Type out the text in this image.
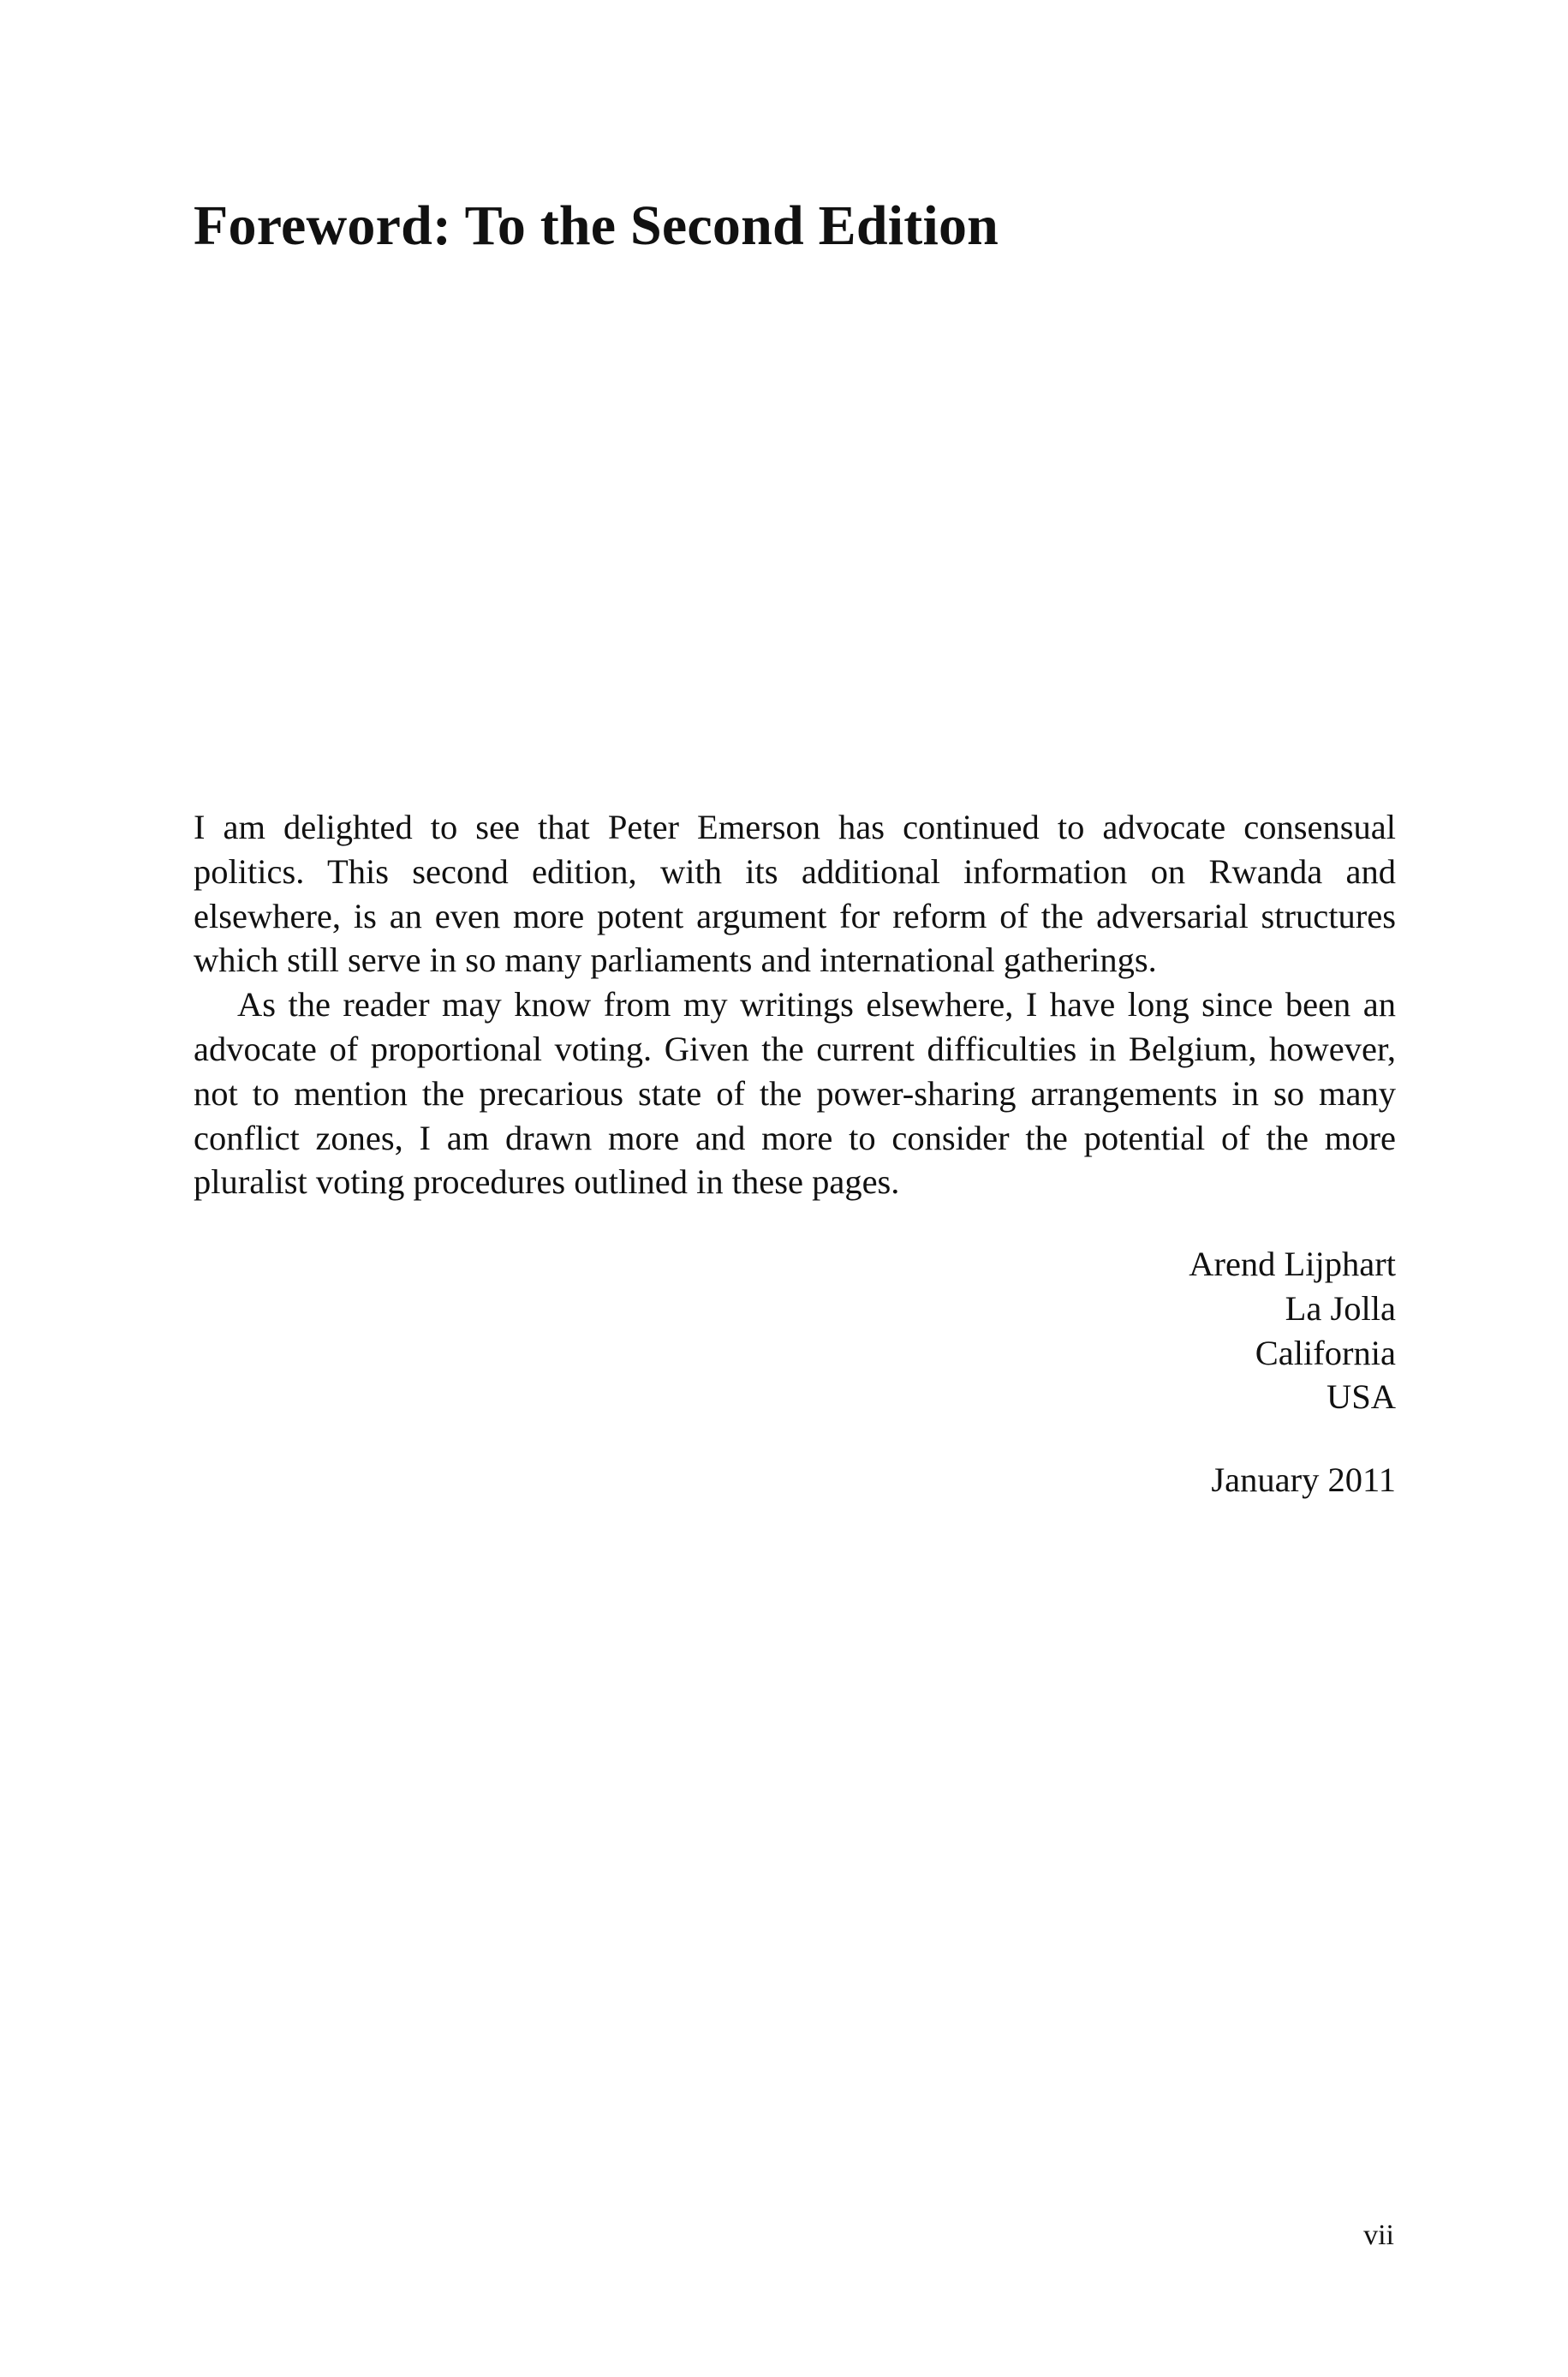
Foreword: To the Second Edition

I am delighted to see that Peter Emerson has continued to advocate consensual politics. This second edition, with its additional information on Rwanda and elsewhere, is an even more potent argument for reform of the adversarial structures which still serve in so many parliaments and international gatherings.

As the reader may know from my writings elsewhere, I have long since been an advocate of proportional voting. Given the current difficulties in Belgium, however, not to mention the precarious state of the power-sharing arrangements in so many conflict zones, I am drawn more and more to consider the potential of the more pluralist voting procedures outlined in these pages.

Arend Lijphart
La Jolla
California
USA
January 2011
vii
